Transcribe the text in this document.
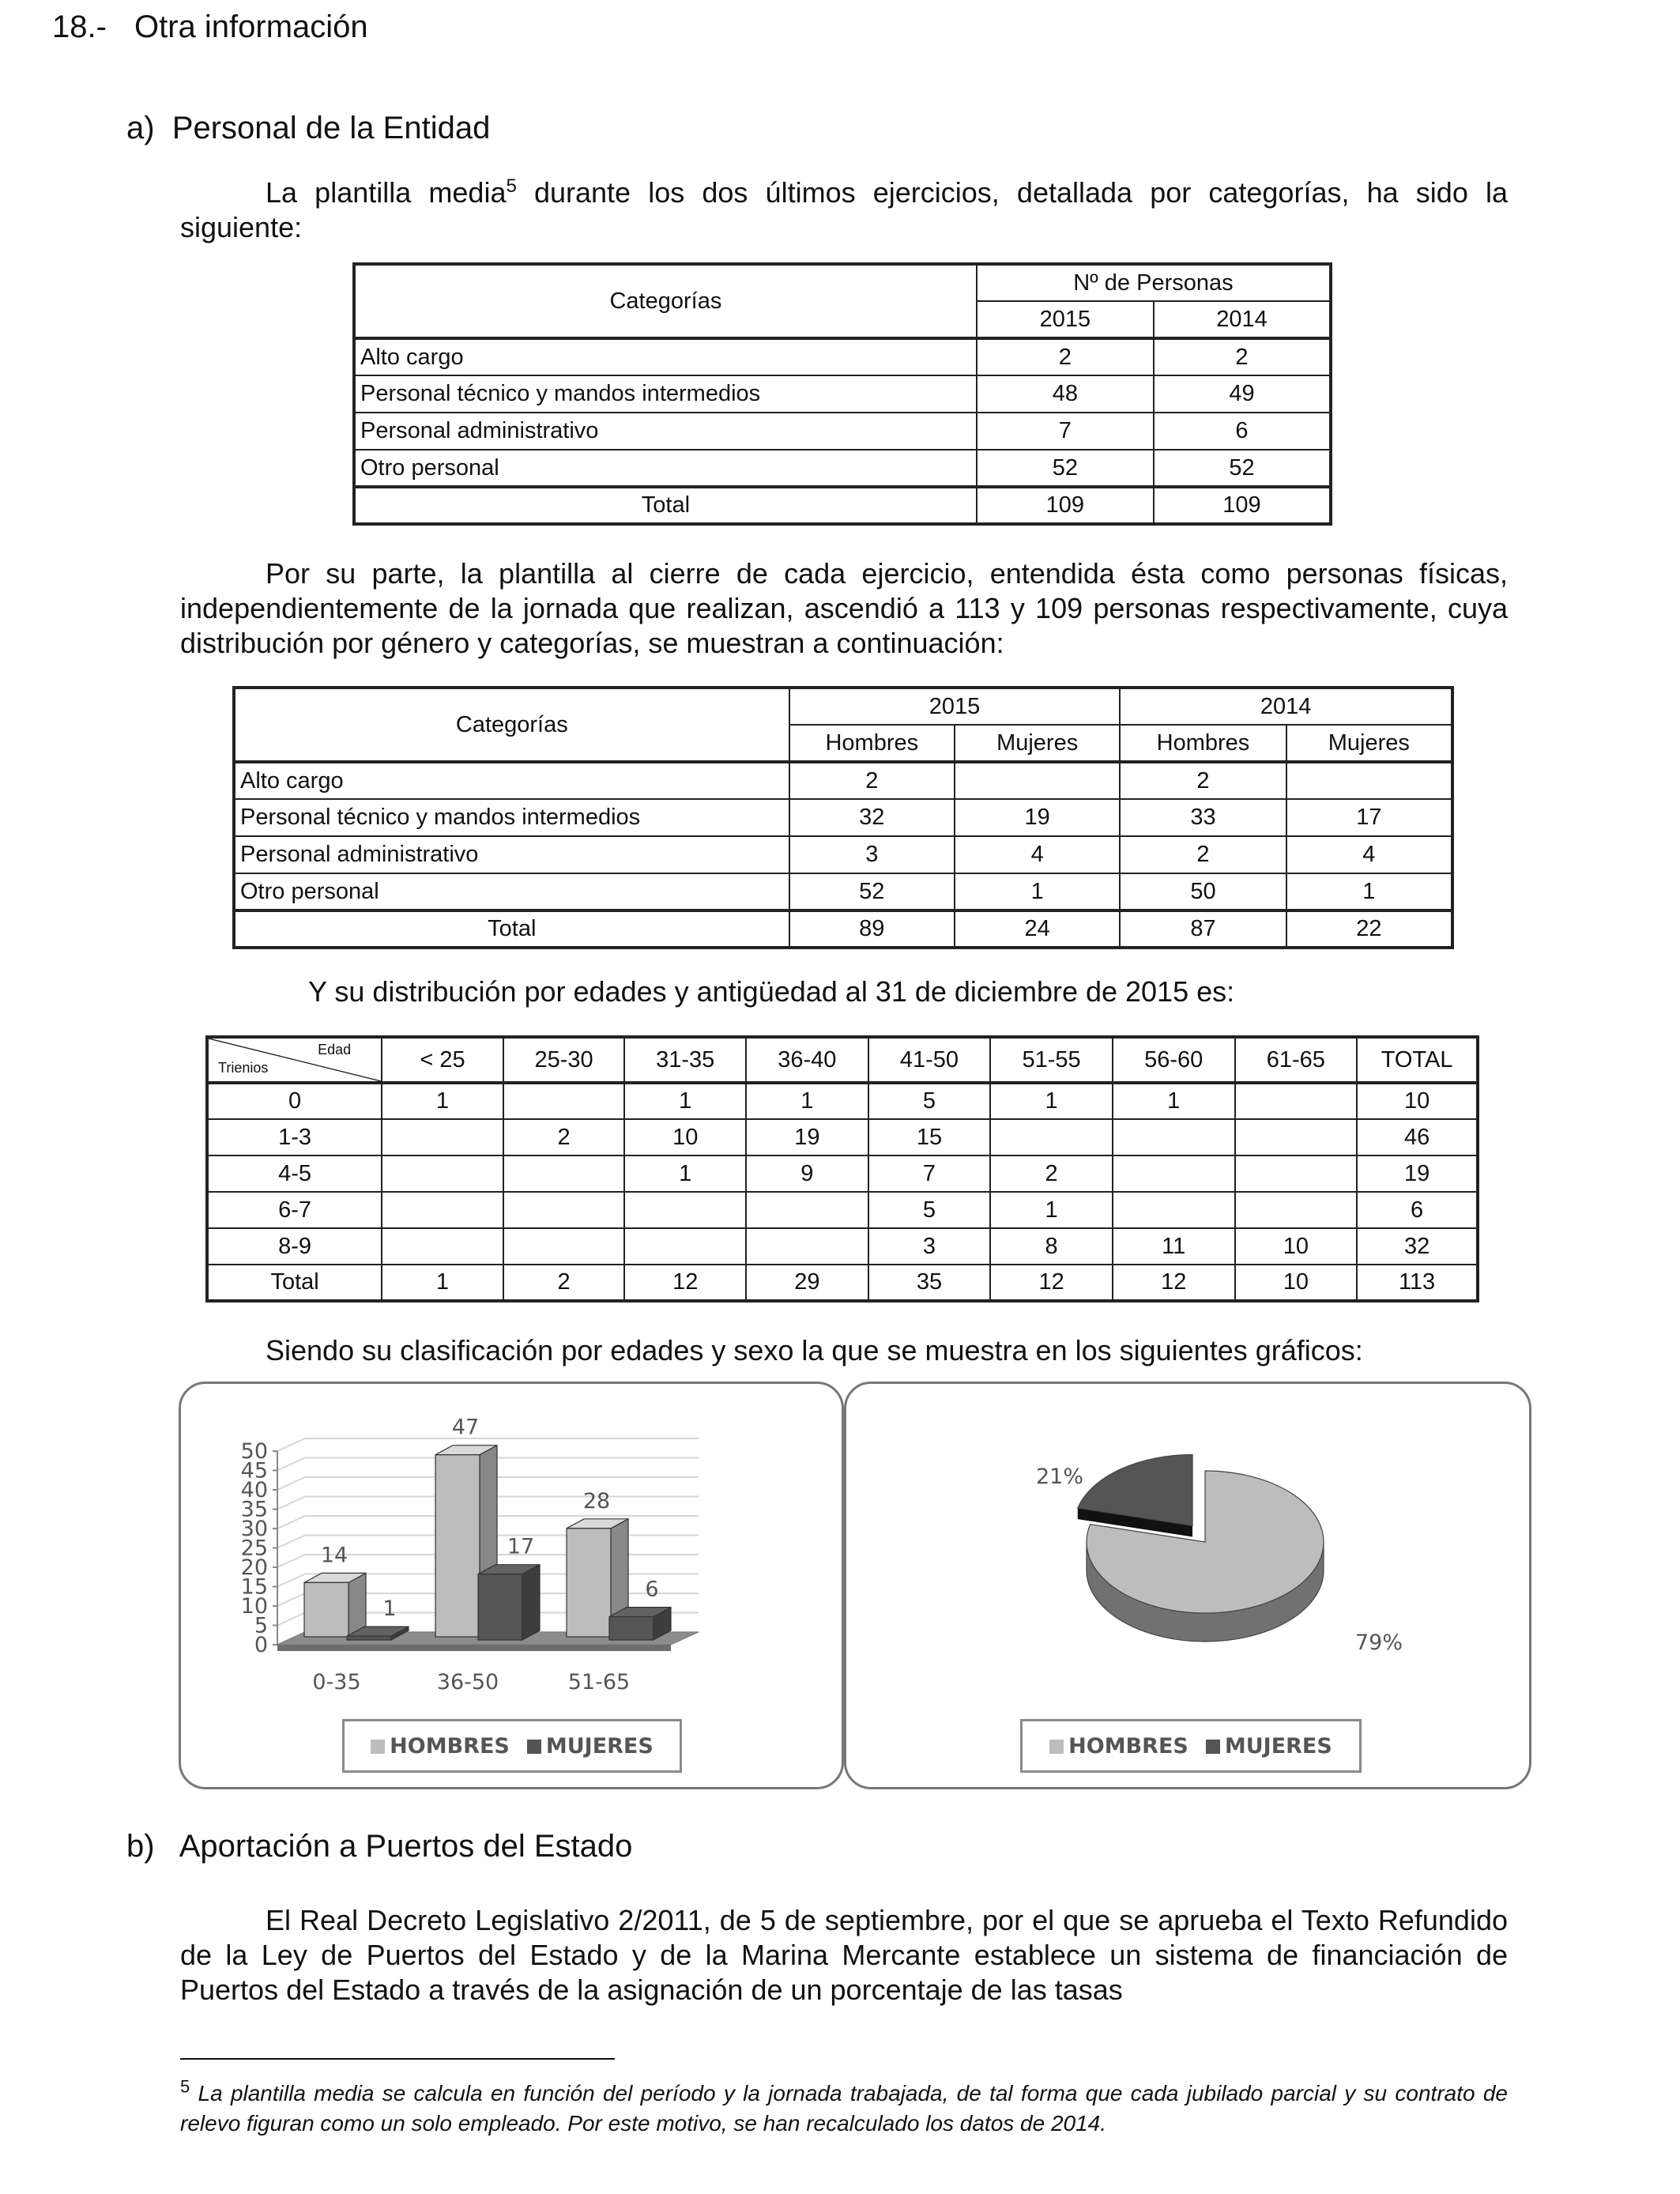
18.- Otra información
a) Personal de la Entidad
La plantilla media$^5$ durante los dos últimos ejercicios, detallada por categorías, ha sido la siguiente:
Categorías	Nº de Personas	
	2015	2014
Alto cargo	2	2
Personal técnico y mandos intermedios	48	49
Personal administrativo	7	6
Otro personal	52	52
Total	109	109
Por su parte, la plantilla al cierre de cada ejercicio, entendida ésta como personas físicas, independientemente de la jornada que realizan, ascendió a 113 y 109 personas respectivamente, cuya distribución por género y categorías, se muestran a continuación:
Categorías	2015		2014	
	Hombres	Mujeres	Hombres	Mujeres
Alto cargo	2		2	
Personal técnico y mandos intermedios	32	19	33	17
Personal administrativo	3	4	2	4
Otro personal	52	1	50	1
Total	89	24	87	22
Y su distribución por edades y antigüedad al 31 de diciembre de 2015 es:
Edad
Trienios	< 25	25-30	31-35	36-40	41-50	51-55	56-60	61-65	TOTAL
0	1		1	1	5	1	1		10
1-3		2	10	19	15				46
4-5			1	9	7	2			19
6-7					5	1			6
8-9					3	8	11	10	32
Total	1	2	12	29	35	12	12	10	113
Siendo su clasificación por edades y sexo la que se muestra en los siguientes gráficos:
0
5
10
15
20
25
30
35
40
45
50
14
1
0-35
47
17
36-50
28
6
51-65
HOMBRES	MUJERES
79%
21%
HOMBRES	MUJERES
b) Aportación a Puertos del Estado
El Real Decreto Legislativo 2/2011, de 5 de septiembre, por el que se aprueba el Texto Refundido de la Ley de Puertos del Estado y de la Marina Mercante establece un sistema de financiación de Puertos del Estado a través de la asignación de un porcentaje de las tasas
$^5$ La plantilla media se calcula en función del período y la jornada trabajada, de tal forma que cada jubilado parcial y su contrato de relevo figuran como un solo empleado. Por este motivo, se han recalculado los datos de 2014.
